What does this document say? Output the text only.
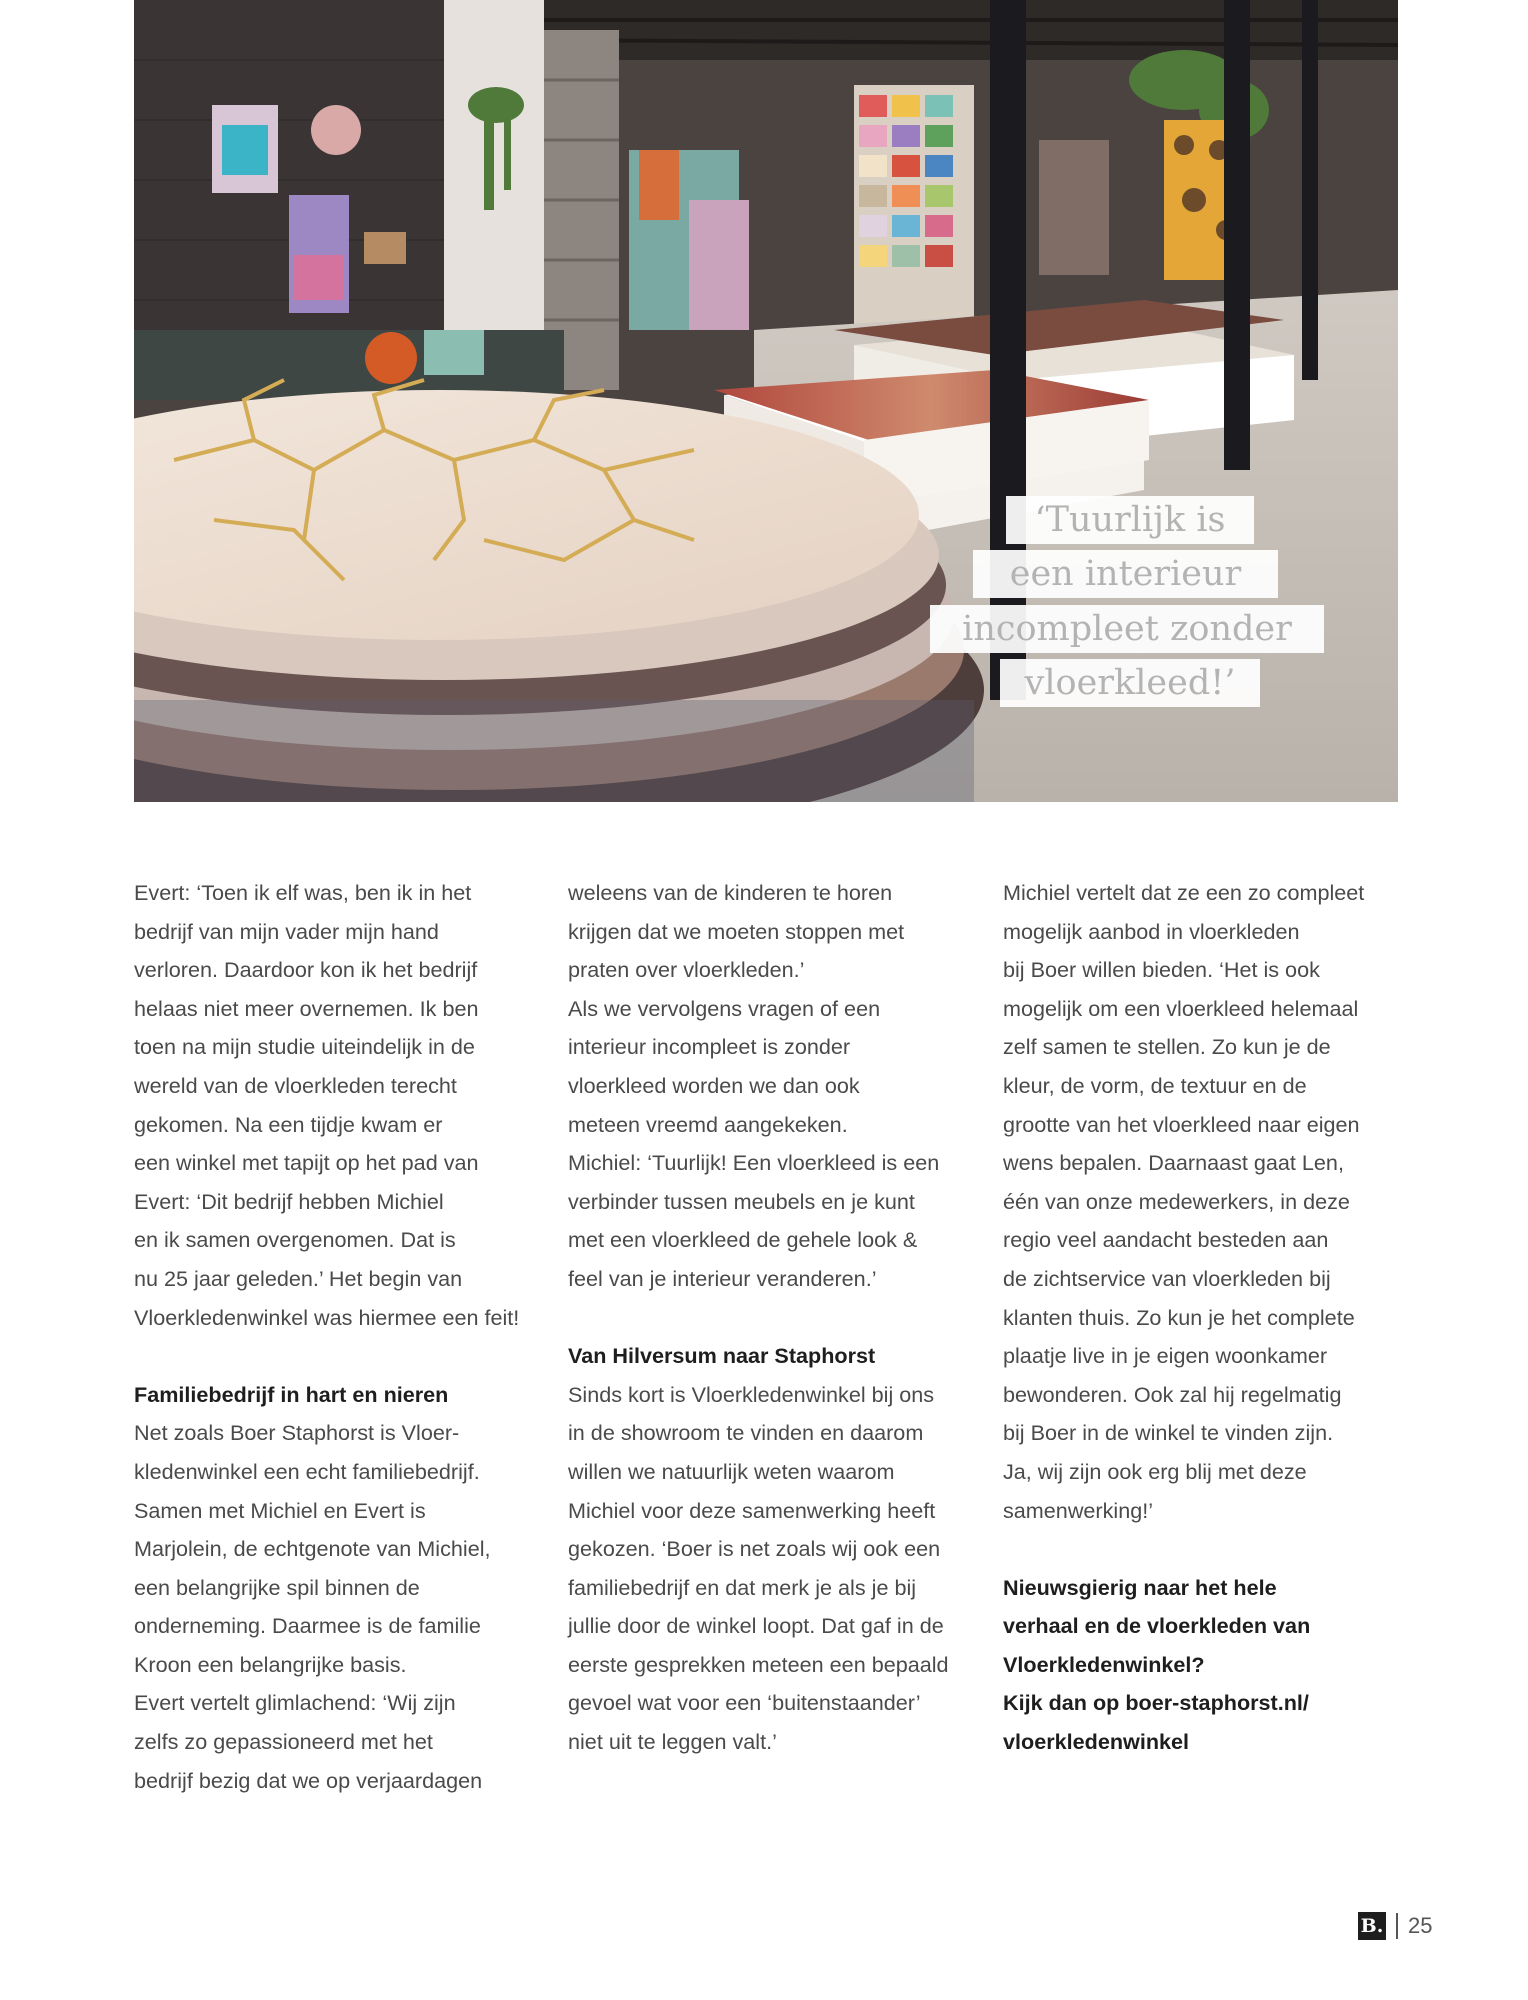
‘Tuurlijk is
een interieur
incompleet zonder
vloerkleed!’

Evert: ‘Toen ik elf was, ben ik in het
bedrijf van mijn vader mijn hand
verloren. Daardoor kon ik het bedrijf
helaas niet meer overnemen. Ik ben
toen na mijn studie uiteindelijk in de
wereld van de vloerkleden terecht
gekomen. Na een tijdje kwam er
een winkel met tapijt op het pad van
Evert: ‘Dit bedrijf hebben Michiel
en ik samen overgenomen. Dat is
nu 25 jaar geleden.’ Het begin van
Vloerkledenwinkel was hiermee een feit!

Familiebedrijf in hart en nieren

Net zoals Boer Staphorst is Vloer-
kledenwinkel een echt familiebedrijf.
Samen met Michiel en Evert is
Marjolein, de echtgenote van Michiel,
een belangrijke spil binnen de
onderneming. Daarmee is de familie
Kroon een belangrijke basis.
Evert vertelt glimlachend: ‘Wij zijn
zelfs zo gepassioneerd met het
bedrijf bezig dat we op verjaardagen

weleens van de kinderen te horen
krijgen dat we moeten stoppen met
praten over vloerkleden.’
Als we vervolgens vragen of een
interieur incompleet is zonder
vloerkleed worden we dan ook
meteen vreemd aangekeken.
Michiel: ‘Tuurlijk! Een vloerkleed is een
verbinder tussen meubels en je kunt
met een vloerkleed de gehele look &
feel van je interieur veranderen.’

Van Hilversum naar Staphorst

Sinds kort is Vloerkledenwinkel bij ons
in de showroom te vinden en daarom
willen we natuurlijk weten waarom
Michiel voor deze samenwerking heeft
gekozen. ‘Boer is net zoals wij ook een
familiebedrijf en dat merk je als je bij
jullie door de winkel loopt. Dat gaf in de
eerste gesprekken meteen een bepaald
gevoel wat voor een ‘buitenstaander’
niet uit te leggen valt.’

Michiel vertelt dat ze een zo compleet
mogelijk aanbod in vloerkleden
bij Boer willen bieden. ‘Het is ook
mogelijk om een vloerkleed helemaal
zelf samen te stellen. Zo kun je de
kleur, de vorm, de textuur en de
grootte van het vloerkleed naar eigen
wens bepalen. Daarnaast gaat Len,
één van onze medewerkers, in deze
regio veel aandacht besteden aan
de zichtservice van vloerkleden bij
klanten thuis. Zo kun je het complete
plaatje live in je eigen woonkamer
bewonderen. Ook zal hij regelmatig
bij Boer in de winkel te vinden zijn.
Ja, wij zijn ook erg blij met deze
samenwerking!’

Nieuwsgierig naar het hele
verhaal en de vloerkleden van
Vloerkledenwinkel?
Kijk dan op boer-staphorst.nl/
vloerkledenwinkel

B. 25
